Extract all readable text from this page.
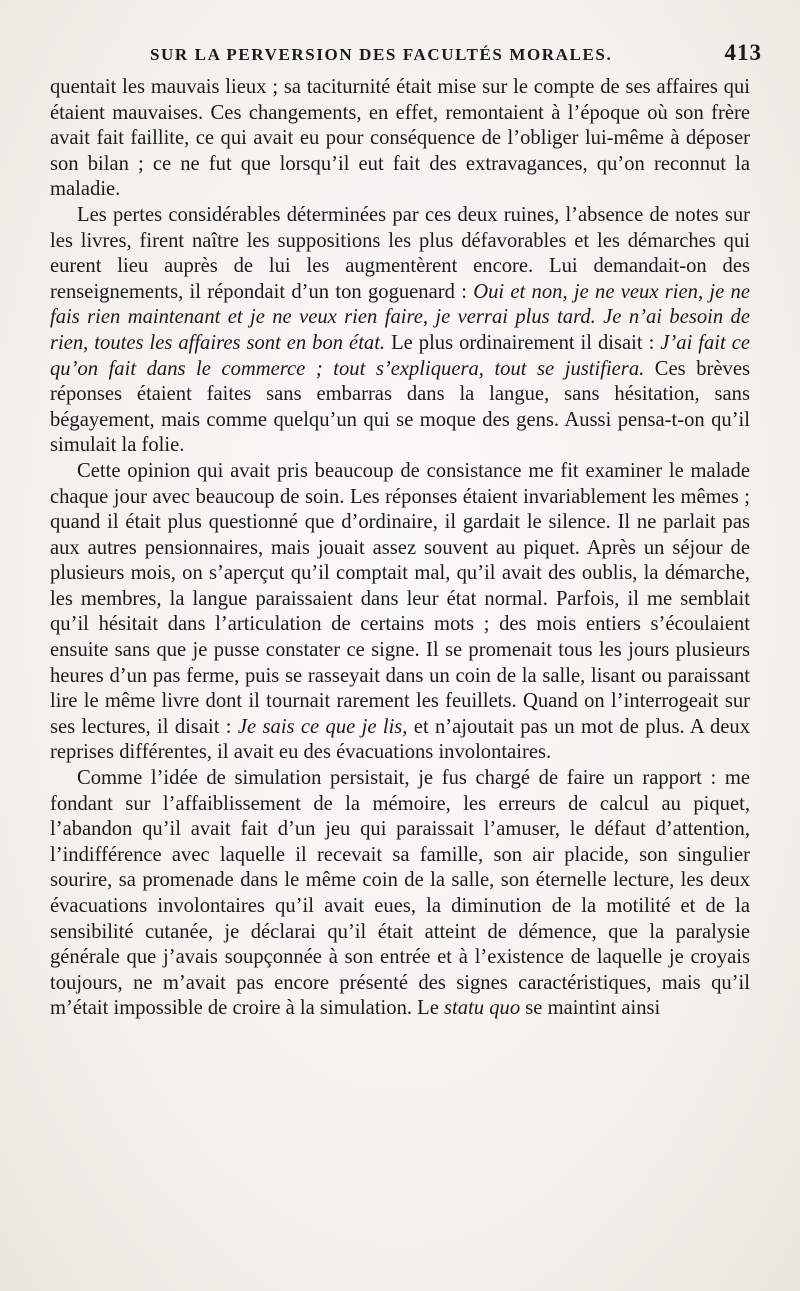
SUR LA PERVERSION DES FACULTÉS MORALES.	413

quentait les mauvais lieux ; sa taciturnité était mise sur le compte de ses affaires qui étaient mauvaises. Ces changements, en effet, remontaient à l’époque où son frère avait fait faillite, ce qui avait eu pour conséquence de l’obliger lui-même à déposer son bilan ; ce ne fut que lorsqu’il eut fait des extravagances, qu’on reconnut la maladie.

Les pertes considérables déterminées par ces deux ruines, l’absence de notes sur les livres, firent naître les suppositions les plus défavorables et les démarches qui eurent lieu auprès de lui les augmentèrent encore. Lui demandait-on des renseignements, il répondait d’un ton goguenard : Oui et non, je ne veux rien, je ne fais rien maintenant et je ne veux rien faire, je verrai plus tard. Je n’ai besoin de rien, toutes les affaires sont en bon état. Le plus ordinairement il disait : J’ai fait ce qu’on fait dans le commerce ; tout s’expliquera, tout se justifiera. Ces brèves réponses étaient faites sans embarras dans la langue, sans hésitation, sans bégayement, mais comme quelqu’un qui se moque des gens. Aussi pensa-t-on qu’il simulait la folie.

Cette opinion qui avait pris beaucoup de consistance me fit examiner le malade chaque jour avec beaucoup de soin. Les réponses étaient invariablement les mêmes ; quand il était plus questionné que d’ordinaire, il gardait le silence. Il ne parlait pas aux autres pensionnaires, mais jouait assez souvent au piquet. Après un séjour de plusieurs mois, on s’aperçut qu’il comptait mal, qu’il avait des oublis, la démarche, les membres, la langue paraissaient dans leur état normal. Parfois, il me semblait qu’il hésitait dans l’articulation de certains mots ; des mois entiers s’écoulaient ensuite sans que je pusse constater ce signe. Il se promenait tous les jours plusieurs heures d’un pas ferme, puis se rasseyait dans un coin de la salle, lisant ou paraissant lire le même livre dont il tournait rarement les feuillets. Quand on l’interrogeait sur ses lectures, il disait : Je sais ce que je lis, et n’ajoutait pas un mot de plus. A deux reprises différentes, il avait eu des évacuations involontaires.

Comme l’idée de simulation persistait, je fus chargé de faire un rapport : me fondant sur l’affaiblissement de la mémoire, les erreurs de calcul au piquet, l’abandon qu’il avait fait d’un jeu qui paraissait l’amuser, le défaut d’attention, l’indifférence avec laquelle il recevait sa famille, son air placide, son singulier sourire, sa promenade dans le même coin de la salle, son éternelle lecture, les deux évacuations involontaires qu’il avait eues, la diminution de la motilité et de la sensibilité cutanée, je déclarai qu’il était atteint de démence, que la paralysie générale que j’avais soupçonnée à son entrée et à l’existence de laquelle je croyais toujours, ne m’avait pas encore présenté des signes caractéristiques, mais qu’il m’était impossible de croire à la simulation. Le statu quo se maintint ainsi
